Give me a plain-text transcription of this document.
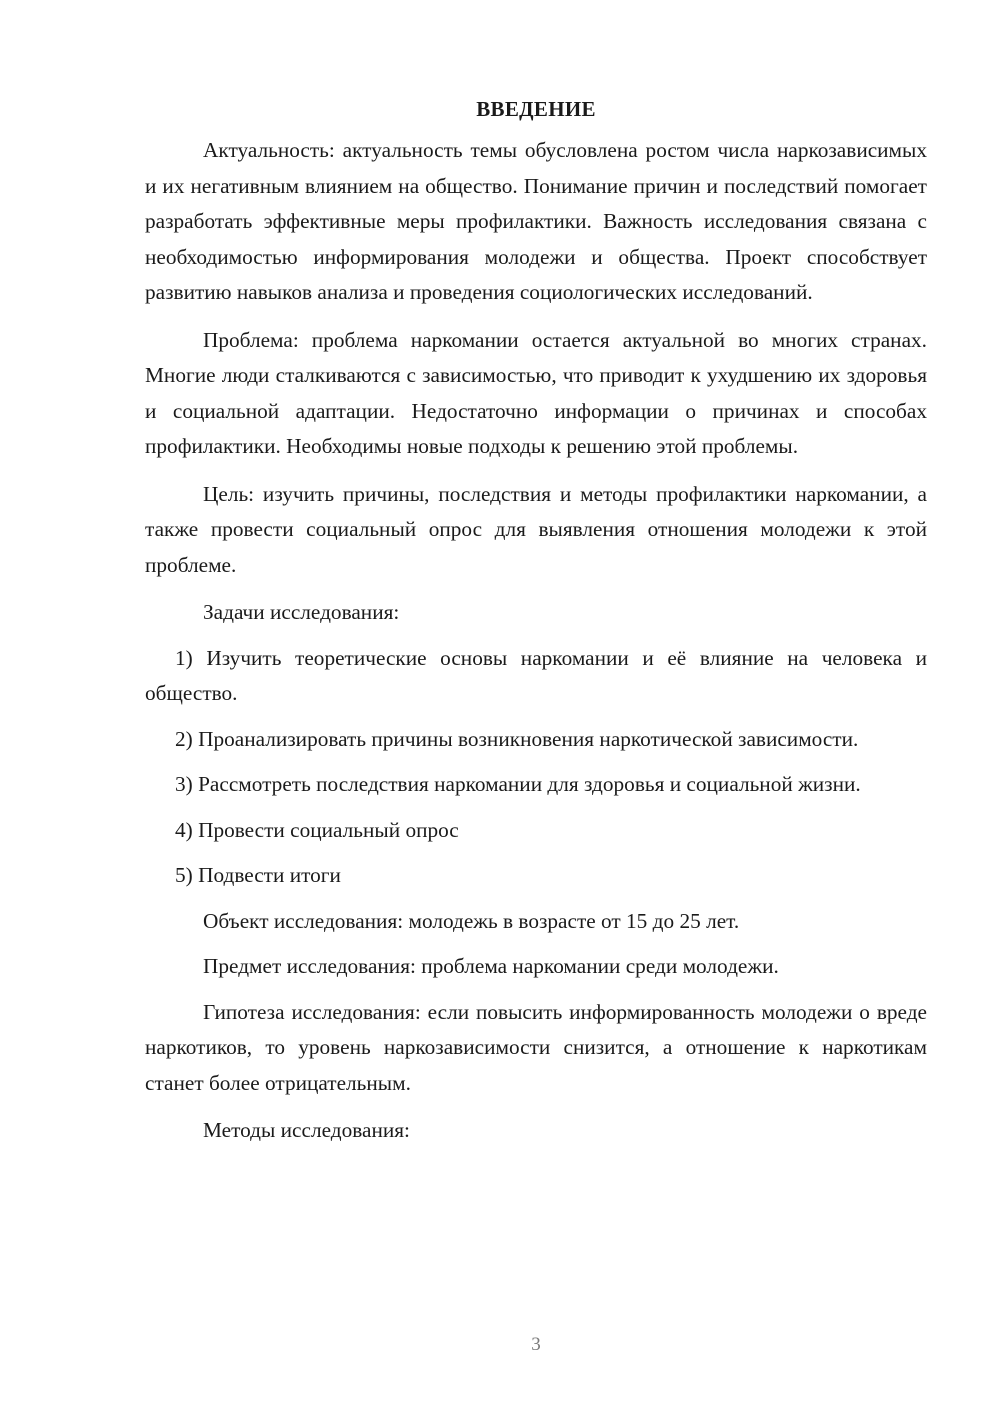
ВВЕДЕНИЕ

Актуальность: актуальность темы обусловлена ростом числа наркозависимых и их негативным влиянием на общество. Понимание причин и последствий помогает разработать эффективные меры профилактики. Важность исследования связана с необходимостью информирования молодежи и общества. Проект способствует развитию навыков анализа и проведения социологических исследований.

Проблема: проблема наркомании остается актуальной во многих странах. Многие люди сталкиваются с зависимостью, что приводит к ухудшению их здоровья и социальной адаптации. Недостаточно информации о причинах и способах профилактики. Необходимы новые подходы к решению этой проблемы.

Цель: изучить причины, последствия и методы профилактики наркомании, а также провести социальный опрос для выявления отношения молодежи к этой проблеме.

Задачи исследования:

1) Изучить теоретические основы наркомании и её влияние на человека и общество.

2) Проанализировать причины возникновения наркотической зависимости.

3) Рассмотреть последствия наркомании для здоровья и социальной жизни.

4) Провести социальный опрос

5) Подвести итоги

Объект исследования: молодежь в возрасте от 15 до 25 лет.

Предмет исследования: проблема наркомании среди молодежи.

Гипотеза исследования: если повысить информированность молодежи о вреде наркотиков, то уровень наркозависимости снизится, а отношение к наркотикам станет более отрицательным.

Методы исследования:

3
